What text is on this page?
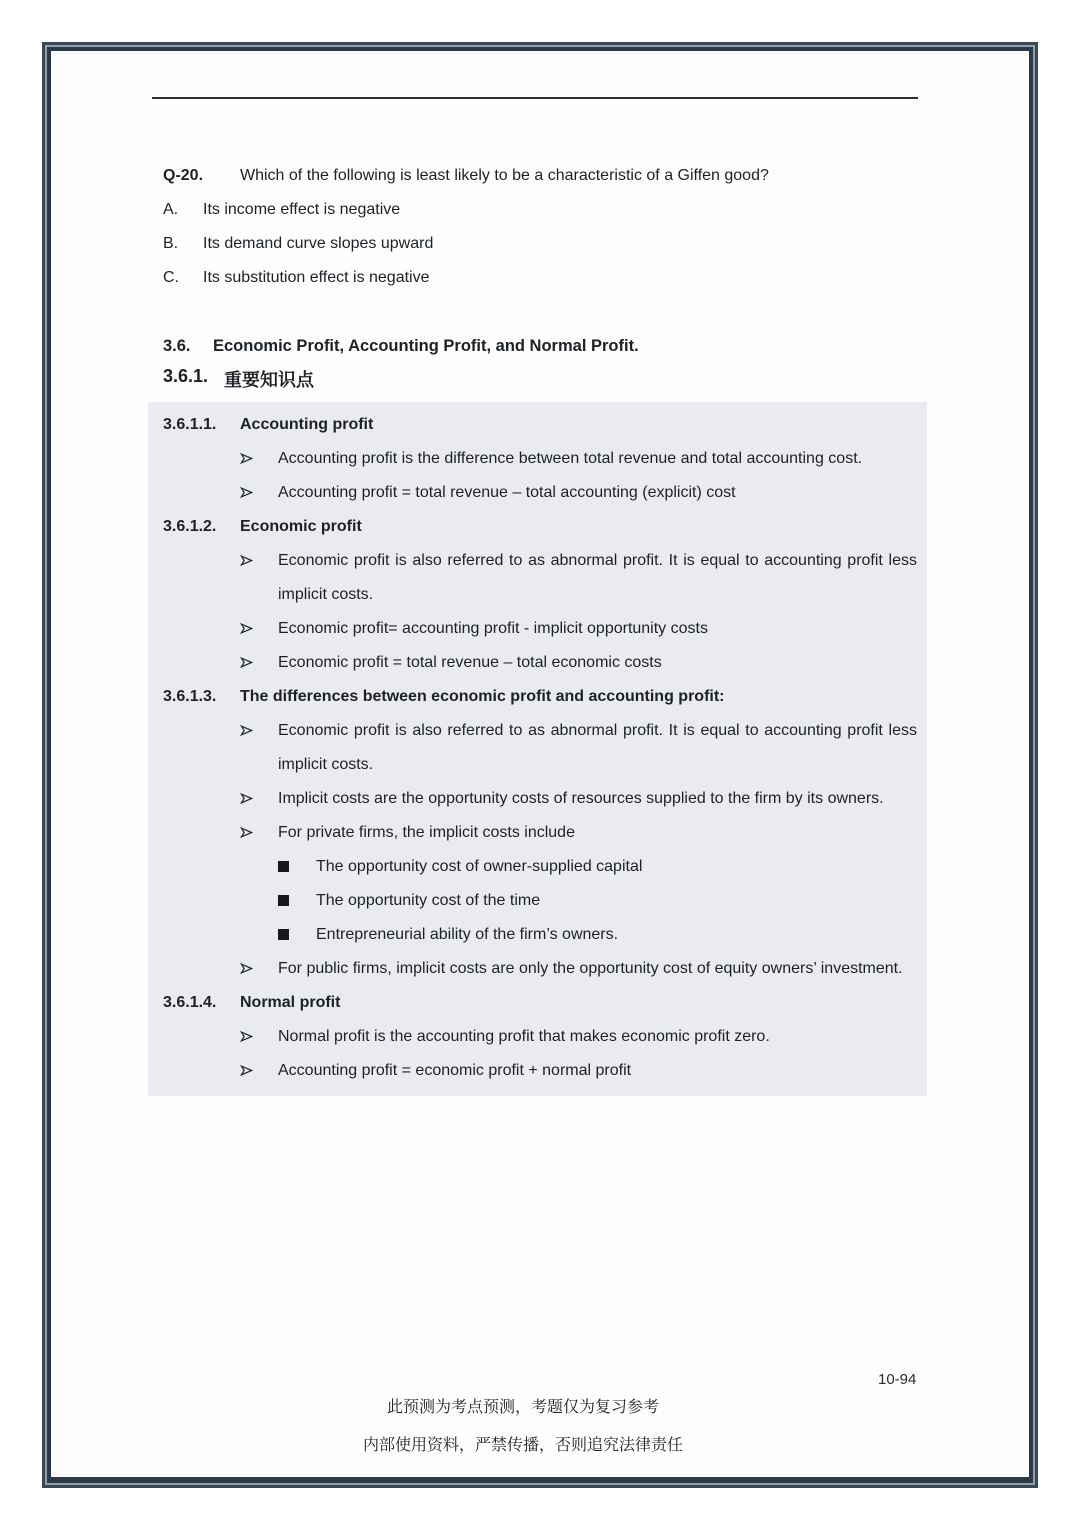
Q-20.	Which of the following is least likely to be a characteristic of a Giffen good?
A.	Its income effect is negative
B.	Its demand curve slopes upward
C.	Its substitution effect is negative
3.6.	Economic Profit, Accounting Profit, and Normal Profit.
3.6.1. 重要知识点
3.6.1.1.	Accounting profit
Accounting profit is the difference between total revenue and total accounting cost.
Accounting profit = total revenue – total accounting (explicit) cost
3.6.1.2.	Economic profit
Economic profit is also referred to as abnormal profit. It is equal to accounting profit less implicit costs.
Economic profit= accounting profit - implicit opportunity costs
Economic profit = total revenue – total economic costs
3.6.1.3.	The differences between economic profit and accounting profit:
Economic profit is also referred to as abnormal profit. It is equal to accounting profit less implicit costs.
Implicit costs are the opportunity costs of resources supplied to the firm by its owners.
For private firms, the implicit costs include
The opportunity cost of owner-supplied capital
The opportunity cost of the time
Entrepreneurial ability of the firm’s owners.
For public firms, implicit costs are only the opportunity cost of equity owners’ investment.
3.6.1.4.	Normal profit
Normal profit is the accounting profit that makes economic profit zero.
Accounting profit = economic profit + normal profit
10-94
此预测为考点预测，考题仅为复习参考
内部使用资料，严禁传播，否则追究法律责任
